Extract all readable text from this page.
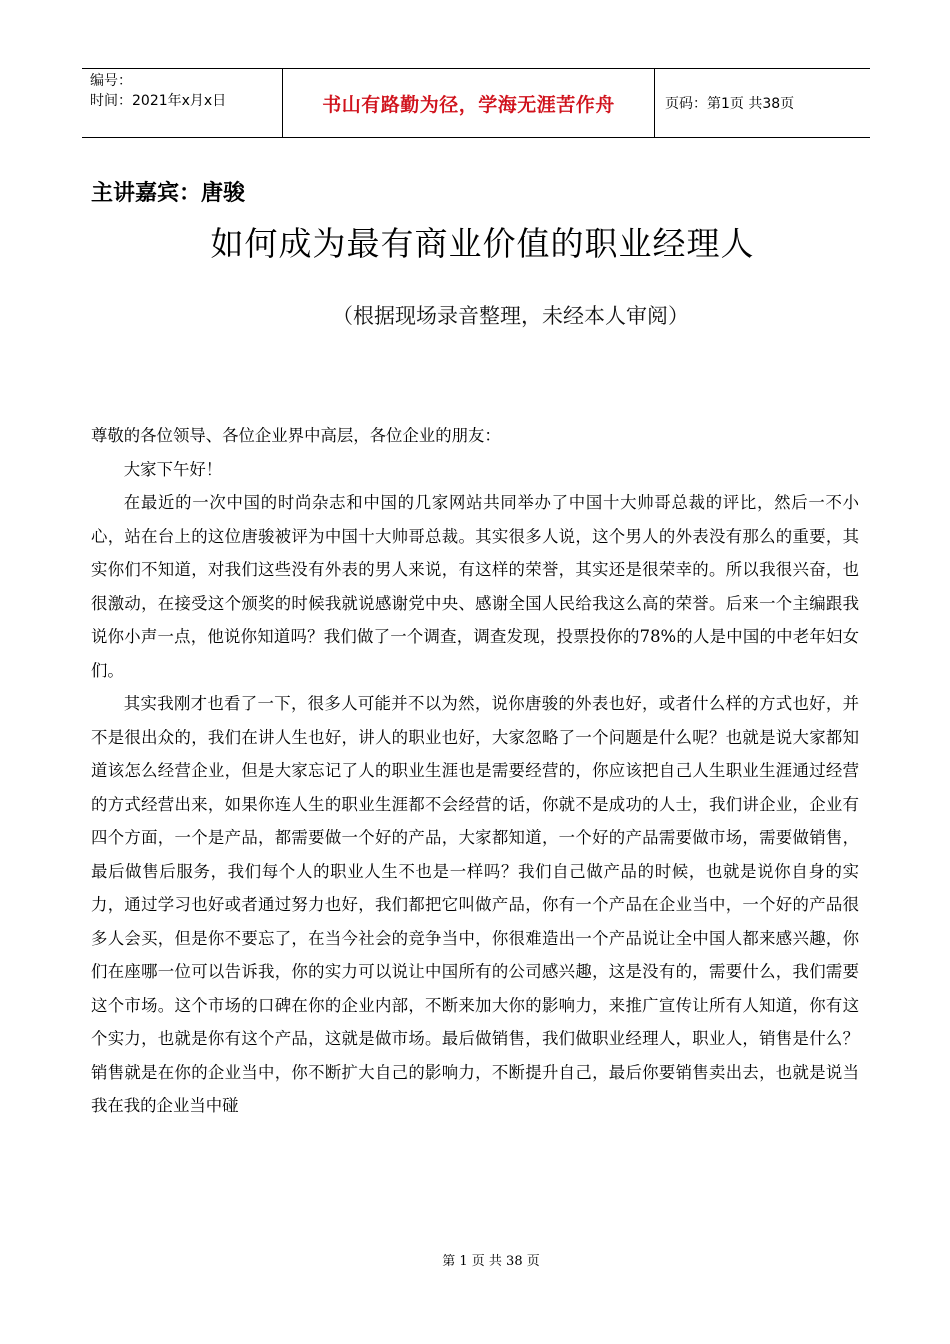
编号：
时间：2021年x月x日	书山有路勤为径，学海无涯苦作舟	页码：第1页 共38页
主讲嘉宾：唐骏
如何成为最有商业价值的职业经理人
（根据现场录音整理，未经本人审阅）

尊敬的各位领导、各位企业界中高层，各位企业的朋友：

大家下午好！

在最近的一次中国的时尚杂志和中国的几家网站共同举办了中国十大帅哥总裁的评比，然后一不小心，站在台上的这位唐骏被评为中国十大帅哥总裁。其实很多人说，这个男人的外表没有那么的重要，其实你们不知道，对我们这些没有外表的男人来说，有这样的荣誉，其实还是很荣幸的。所以我很兴奋，也很激动，在接受这个颁奖的时候我就说感谢党中央、感谢全国人民给我这么高的荣誉。后来一个主编跟我说你小声一点，他说你知道吗？我们做了一个调查，调查发现，投票投你的78%的人是中国的中老年妇女们。

其实我刚才也看了一下，很多人可能并不以为然，说你唐骏的外表也好，或者什么样的方式也好，并不是很出众的，我们在讲人生也好，讲人的职业也好，大家忽略了一个问题是什么呢？也就是说大家都知道该怎么经营企业，但是大家忘记了人的职业生涯也是需要经营的，你应该把自己人生职业生涯通过经营的方式经营出来，如果你连人生的职业生涯都不会经营的话，你就不是成功的人士，我们讲企业，企业有四个方面，一个是产品，都需要做一个好的产品，大家都知道，一个好的产品需要做市场，需要做销售，最后做售后服务，我们每个人的职业人生不也是一样吗？我们自己做产品的时候，也就是说你自身的实力，通过学习也好或者通过努力也好，我们都把它叫做产品，你有一个产品在企业当中，一个好的产品很多人会买，但是你不要忘了，在当今社会的竞争当中，你很难造出一个产品说让全中国人都来感兴趣，你们在座哪一位可以告诉我，你的实力可以说让中国所有的公司感兴趣，这是没有的，需要什么，我们需要这个市场。这个市场的口碑在你的企业内部，不断来加大你的影响力，来推广宣传让所有人知道，你有这个实力，也就是你有这个产品，这就是做市场。最后做销售，我们做职业经理人，职业人，销售是什么？销售就是在你的企业当中，你不断扩大自己的影响力，不断提升自己，最后你要销售卖出去，也就是说当我在我的企业当中碰

第 1 页 共 38 页
